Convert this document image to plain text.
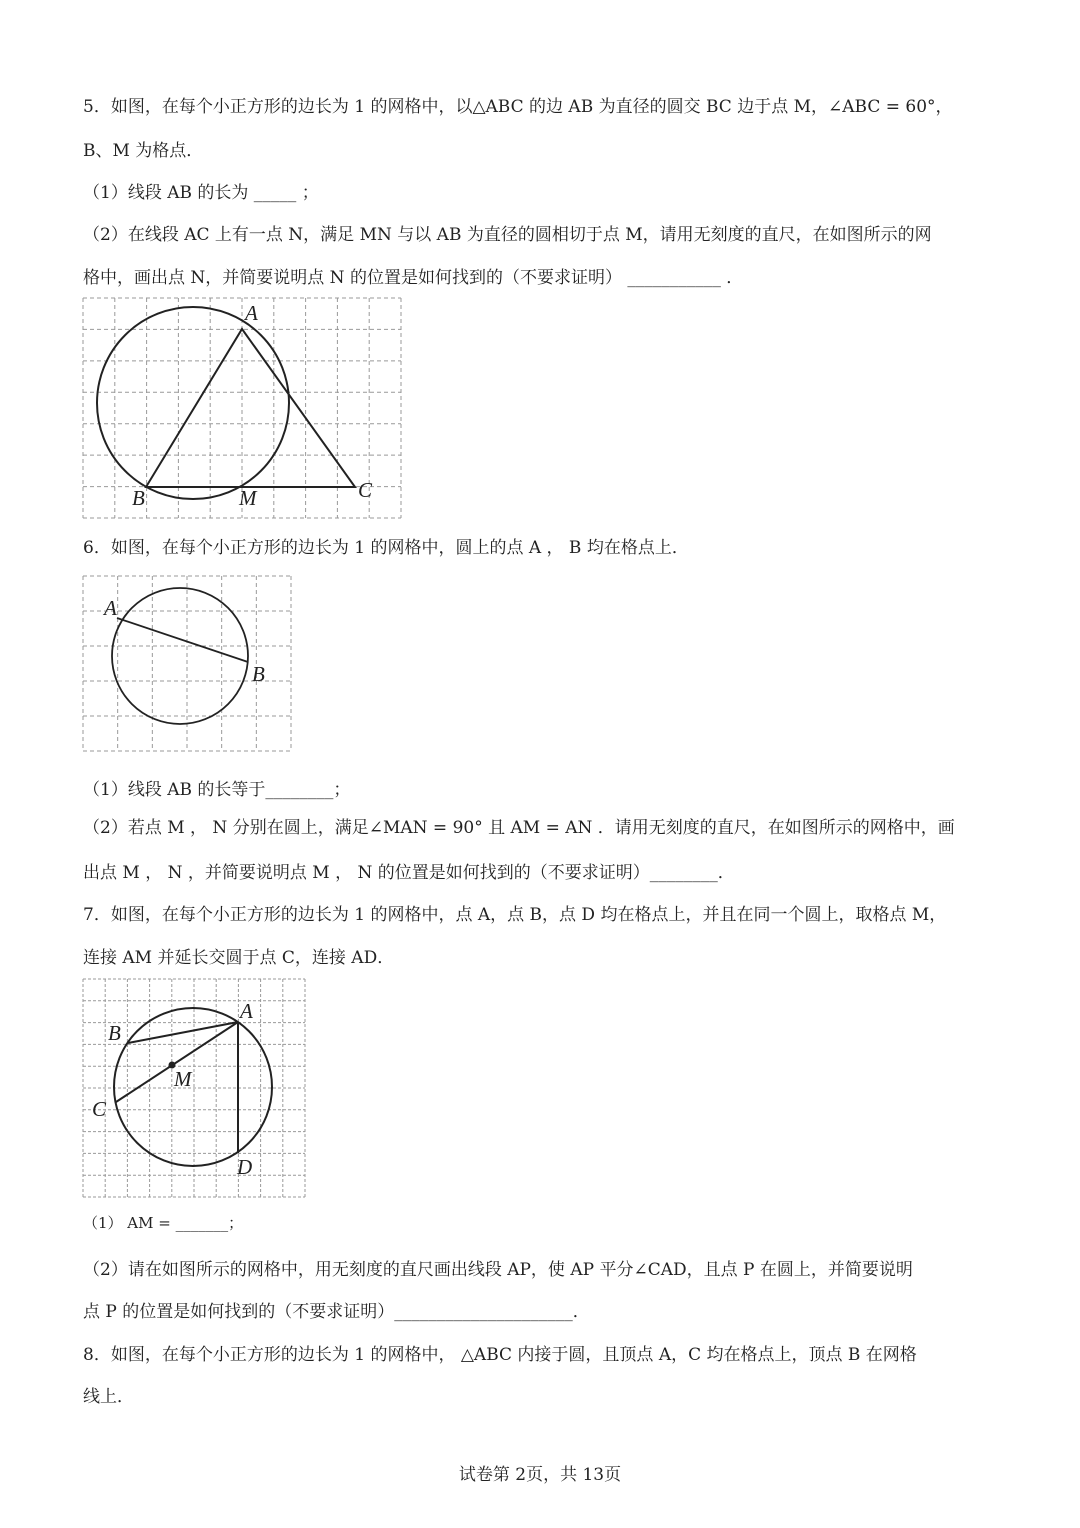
5．如图，在每个小正方形的边长为 1 的网格中，以△ABC 的边 AB 为直径的圆交 BC 边于点 M，∠ABC = 60°，
B、M 为格点．
（1）线段 AB 的长为 _____ ；
（2）在线段 AC 上有一点 N，满足 MN 与以 AB 为直径的圆相切于点 M，请用无刻度的直尺，在如图所示的网
格中，画出点 N，并简要说明点 N 的位置是如何找到的（不要求证明） ___________ ．
A
B	M	C
6．如图，在每个小正方形的边长为 1 的网格中，圆上的点 A ， B 均在格点上．
A
B
（1）线段 AB 的长等于________；
（2）若点 M ， N 分别在圆上，满足∠MAN = 90° 且 AM = AN ．请用无刻度的直尺，在如图所示的网格中，画
出点 M ， N ，并简要说明点 M ， N 的位置是如何找到的（不要求证明）________．
7．如图，在每个小正方形的边长为 1 的网格中，点 A，点 B，点 D 均在格点上，并且在同一个圆上，取格点 M，
连接 AM 并延长交圆于点 C，连接 AD．
A
B
M
C
D
（1） AM = _______；
（2）请在如图所示的网格中，用无刻度的直尺画出线段 AP，使 AP 平分∠CAD，且点 P 在圆上，并简要说明
点 P 的位置是如何找到的（不要求证明）_____________________．
8．如图，在每个小正方形的边长为 1 的网格中， △ABC 内接于圆，且顶点 A，C 均在格点上，顶点 B 在网格
线上．
试卷第 2页，共 13页
